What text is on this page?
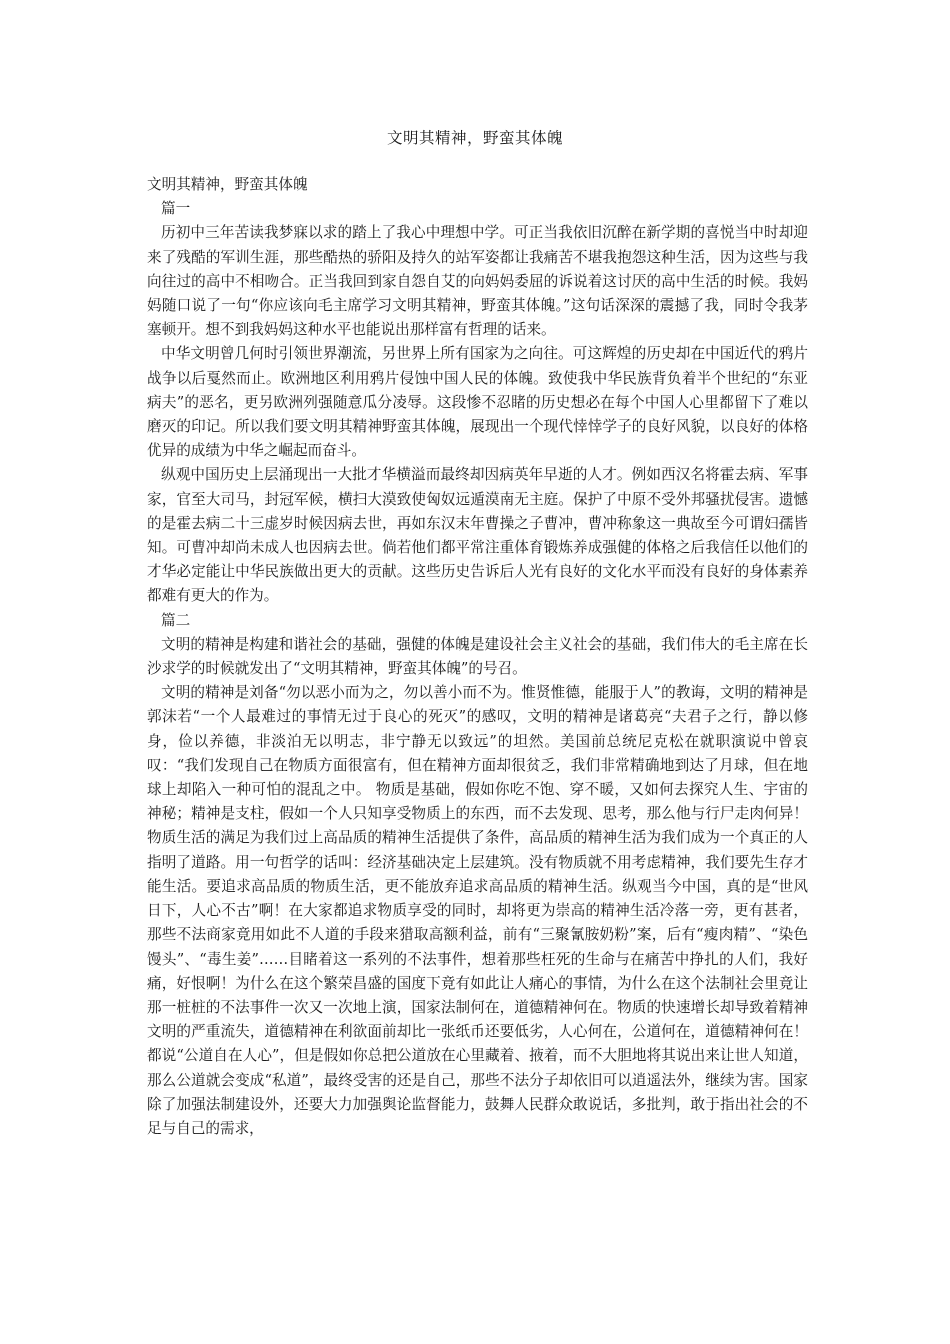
文明其精神，野蛮其体魄

文明其精神，野蛮其体魄

篇一

历初中三年苦读我梦寐以求的踏上了我心中理想中学。可正当我依旧沉醉在新学期的喜悦当中时却迎来了残酷的军训生涯，那些酷热的骄阳及持久的站军姿都让我痛苦不堪我抱怨这种生活，因为这些与我向往过的高中不相吻合。正当我回到家自怨自艾的向妈妈委屈的诉说着这讨厌的高中生活的时候。我妈妈随口说了一句“你应该向毛主席学习文明其精神，野蛮其体魄。”这句话深深的震撼了我，同时令我茅塞顿开。想不到我妈妈这种水平也能说出那样富有哲理的话来。

中华文明曾几何时引领世界潮流，另世界上所有国家为之向往。可这辉煌的历史却在中国近代的鸦片战争以后戛然而止。欧洲地区利用鸦片侵蚀中国人民的体魄。致使我中华民族背负着半个世纪的“东亚病夫”的恶名，更另欧洲列强随意瓜分凌辱。这段惨不忍睹的历史想必在每个中国人心里都留下了难以磨灭的印记。所以我们要文明其精神野蛮其体魄，展现出一个现代悻悻学子的良好风貌，以良好的体格优异的成绩为中华之崛起而奋斗。

纵观中国历史上层涌现出一大批才华横溢而最终却因病英年早逝的人才。例如西汉名将霍去病、军事家，官至大司马，封冠军候，横扫大漠致使匈奴远遁漠南无主庭。保护了中原不受外邦骚扰侵害。遗憾的是霍去病二十三虚岁时候因病去世，再如东汉末年曹操之子曹冲，曹冲称象这一典故至今可谓妇孺皆知。可曹冲却尚未成人也因病去世。倘若他们都平常注重体育锻炼养成强健的体格之后我信任以他们的才华必定能让中华民族做出更大的贡献。这些历史告诉后人光有良好的文化水平而没有良好的身体素养都难有更大的作为。

篇二

文明的精神是构建和谐社会的基础，强健的体魄是建设社会主义社会的基础，我们伟大的毛主席在长沙求学的时候就发出了“文明其精神，野蛮其体魄”的号召。

文明的精神是刘备“勿以恶小而为之，勿以善小而不为。惟贤惟德，能服于人”的教诲，文明的精神是郭沫若“一个人最难过的事情无过于良心的死灭”的感叹，文明的精神是诸葛亮“夫君子之行，静以修身，俭以养德，非淡泊无以明志，非宁静无以致远”的坦然。美国前总统尼克松在就职演说中曾哀叹：“我们发现自己在物质方面很富有，但在精神方面却很贫乏，我们非常精确地到达了月球，但在地球上却陷入一种可怕的混乱之中。 物质是基础，假如你吃不饱、穿不暖，又如何去探究人生、宇宙的神秘；精神是支柱，假如一个人只知享受物质上的东西，而不去发现、思考，那么他与行尸走肉何异！物质生活的满足为我们过上高品质的精神生活提供了条件，高品质的精神生活为我们成为一个真正的人指明了道路。用一句哲学的话叫：经济基础决定上层建筑。没有物质就不用考虑精神，我们要先生存才能生活。要追求高品质的物质生活，更不能放弃追求高品质的精神生活。纵观当今中国，真的是“世风日下，人心不古”啊！在大家都追求物质享受的同时，却将更为崇高的精神生活冷落一旁，更有甚者，那些不法商家竟用如此不人道的手段来猎取高额利益，前有“三聚氰胺奶粉”案，后有“瘦肉精”、“染色馒头”、“毒生姜”……目睹着这一系列的不法事件，想着那些枉死的生命与在痛苦中挣扎的人们，我好痛，好恨啊！为什么在这个繁荣昌盛的国度下竟有如此让人痛心的事情，为什么在这个法制社会里竟让那一桩桩的不法事件一次又一次地上演，国家法制何在，道德精神何在。物质的快速增长却导致着精神文明的严重流失，道德精神在利欲面前却比一张纸币还要低劣，人心何在，公道何在，道德精神何在！都说“公道自在人心”，但是假如你总把公道放在心里藏着、掖着，而不大胆地将其说出来让世人知道，那么公道就会变成“私道”，最终受害的还是自己，那些不法分子却依旧可以逍遥法外，继续为害。国家除了加强法制建设外，还要大力加强舆论监督能力，鼓舞人民群众敢说话，多批判，敢于指出社会的不足与自己的需求，
